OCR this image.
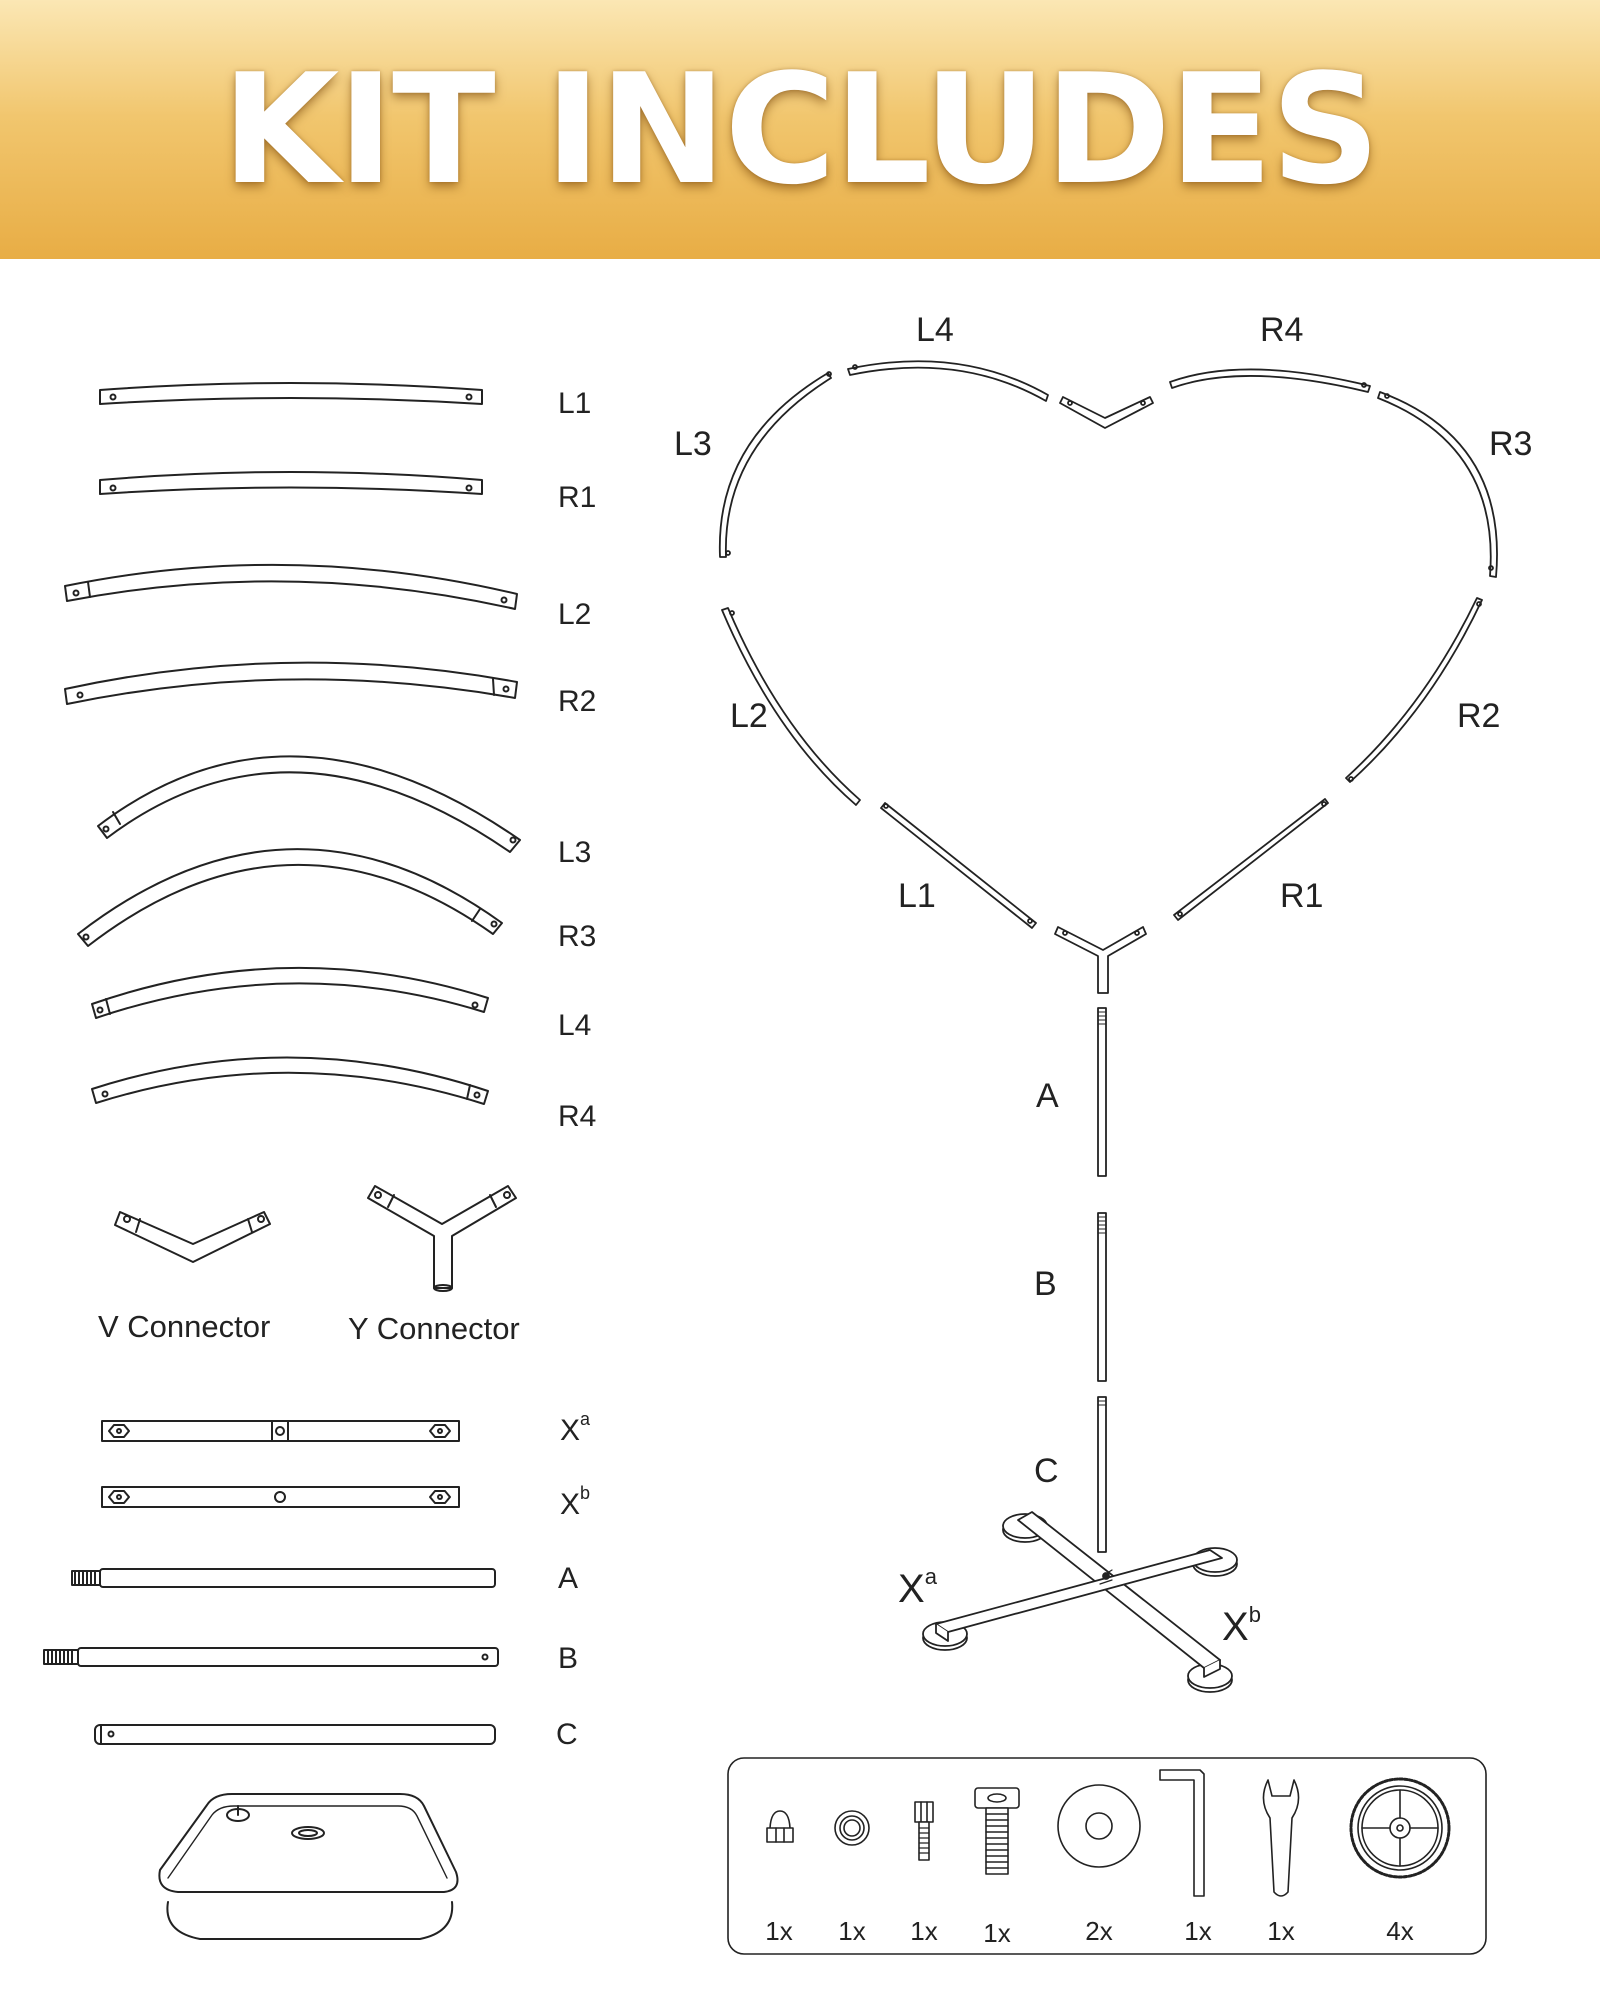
KIT INCLUDES
L1
R1
L2
R2
L3
R3
L4
R4
V Connector	Y Connector
$X^a$
$X^b$
A
B
C
L4	R4
L3	R3
L2	R2
L1	R1
A
B
C
$X^a$
$X^b$
1x 1x 1x 1x	2x	1x 1x	4x
